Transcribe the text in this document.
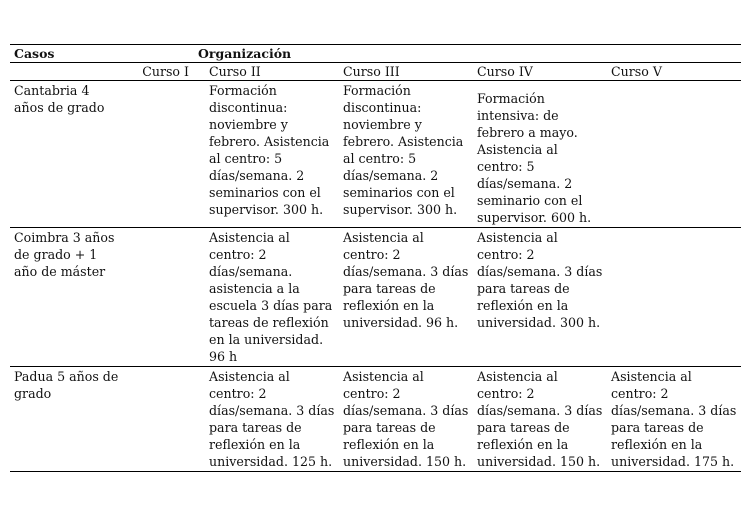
Casos	Organización				
	Curso I	Curso II	Curso III	Curso IV	Curso V
Cantabria 4 años de grado		Formación discontinua: noviembre y febrero. Asistencia al centro: 5 días/semana. 2 seminarios con el supervisor. 300 h.	Formación discontinua: noviembre y febrero. Asistencia al centro: 5 días/semana. 2 seminarios con el supervisor. 300 h.	Formación intensiva: de febrero a mayo. Asistencia al centro: 5 días/semana. 2 seminario con el supervisor. 600 h.	
Coimbra 3 años de grado + 1 año de máster		Asistencia al centro: 2 días/semana. asistencia a la escuela 3 días para tareas de reflexión en la universidad. 96 h	Asistencia al centro: 2 días/semana. 3 días para tareas de reflexión en la universidad. 96 h.	Asistencia al centro: 2 días/semana. 3 días para tareas de reflexión en la universidad. 300 h.	
Padua 5 años de grado		Asistencia al centro: 2 días/semana. 3 días para tareas de reflexión en la universidad. 125 h.	Asistencia al centro: 2 días/semana. 3 días para tareas de reflexión en la universidad. 150 h.	Asistencia al centro: 2 días/semana. 3 días para tareas de reflexión en la universidad. 150 h.	Asistencia al centro: 2 días/semana. 3 días para tareas de reflexión en la universidad. 175 h.
